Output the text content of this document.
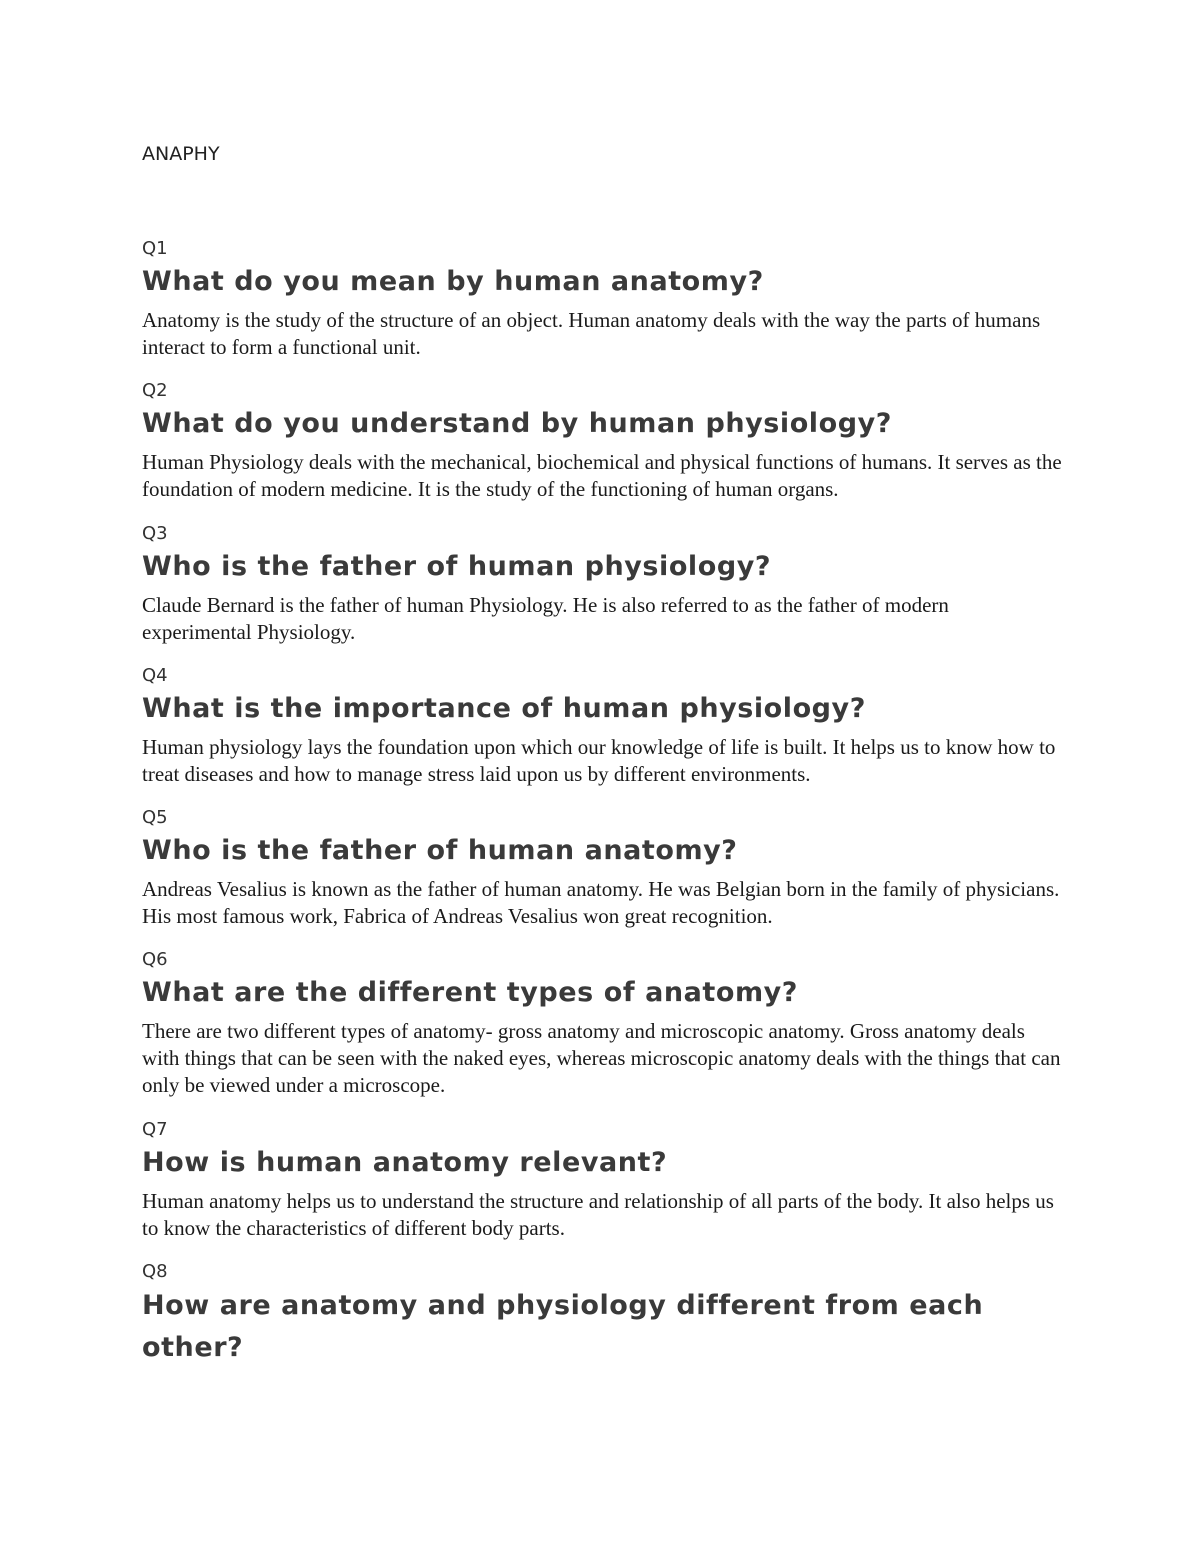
ANAPHY

Q1

What do you mean by human anatomy?

Anatomy is the study of the structure of an object. Human anatomy deals with the way the parts of humans interact to form a functional unit.

Q2

What do you understand by human physiology?

Human Physiology deals with the mechanical, biochemical and physical functions of humans. It serves as the foundation of modern medicine. It is the study of the functioning of human organs.

Q3

Who is the father of human physiology?

Claude Bernard is the father of human Physiology. He is also referred to as the father of modern experimental Physiology.

Q4

What is the importance of human physiology?

Human physiology lays the foundation upon which our knowledge of life is built. It helps us to know how to treat diseases and how to manage stress laid upon us by different environments.

Q5

Who is the father of human anatomy?

Andreas Vesalius is known as the father of human anatomy. He was Belgian born in the family of physicians. His most famous work, Fabrica of Andreas Vesalius won great recognition.

Q6

What are the different types of anatomy?

There are two different types of anatomy- gross anatomy and microscopic anatomy. Gross anatomy deals with things that can be seen with the naked eyes, whereas microscopic anatomy deals with the things that can only be viewed under a microscope.

Q7

How is human anatomy relevant?

Human anatomy helps us to understand the structure and relationship of all parts of the body. It also helps us to know the characteristics of different body parts.

Q8

How are anatomy and physiology different from each other?
